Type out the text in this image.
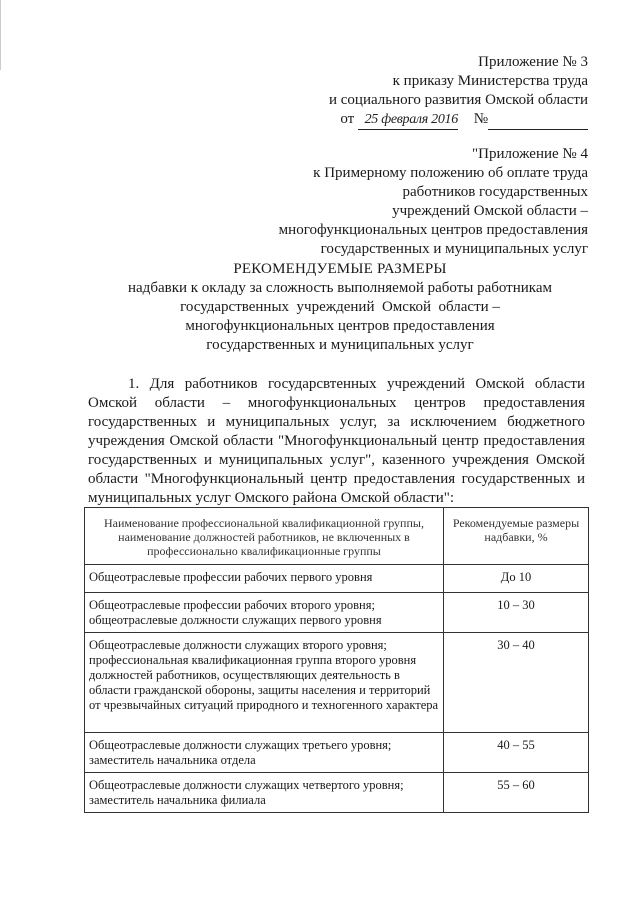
Приложение № 3
к приказу Министерства труда
и социального развития Омской области
от 25 февраля 2016 №
"Приложение № 4
к Примерному положению об оплате труда
работников государственных
учреждений Омской области –
многофункциональных центров предоставления
государственных и муниципальных услуг
РЕКОМЕНДУЕМЫЕ РАЗМЕРЫ
надбавки к окладу за сложность выполняемой работы работникам
государственных  учреждений  Омской  области –
многофункциональных центров предоставления
государственных и муниципальных услуг
1. Для работников государсвтенных учреждений Омской области Омской области – многофункциональных центров предоставления государственных и муниципальных услуг, за исключением бюджетного учреждения Омской области "Многофункциональный центр предоставления государственных и муниципальных услуг", казенного учреждения Омской области "Многофункциональный центр предоставления государственных и муниципальных услуг Омского района Омской области":
Наименование профессиональной квалификационной группы, наименование должностей работников, не включенных в профессионально квалификационные группы	Рекомендуемые размеры надбавки, %
Общеотраслевые профессии рабочих первого уровня	До 10
Общеотраслевые профессии рабочих второго уровня; общеотраслевые должности служащих первого уровня	10 – 30
Общеотраслевые должности служащих второго уровня; профессиональная квалификационная группа второго уровня должностей работников, осуществляющих деятельность в области гражданской обороны, защиты населения и территорий от чрезвычайных ситуаций природного и техногенного характера	30 – 40
Общеотраслевые должности служащих третьего уровня; заместитель начальника отдела	40 – 55
Общеотраслевые должности служащих четвертого уровня; заместитель начальника филиала	55 – 60
